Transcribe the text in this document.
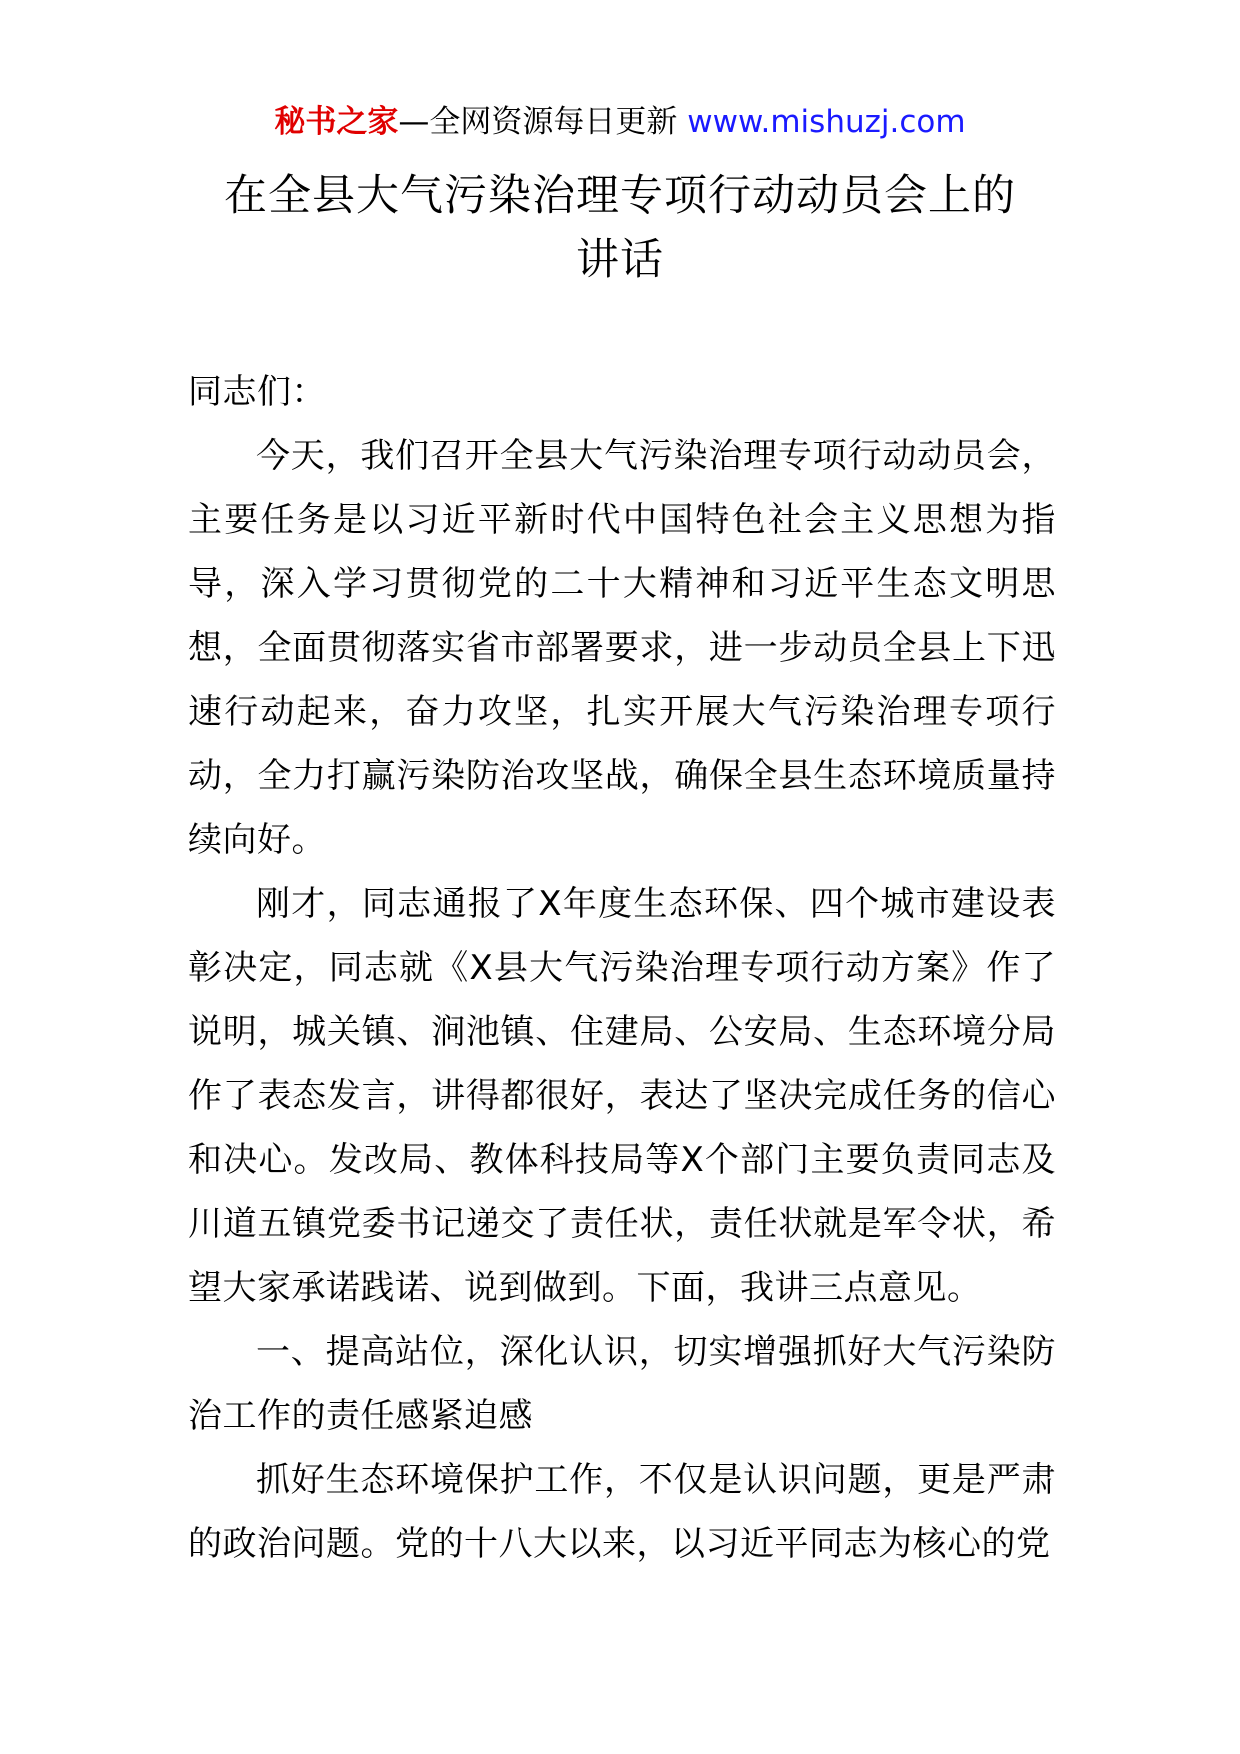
秘书之家—全网资源每日更新 www.mishuzj.com
在全县大气污染治理专项行动动员会上的
讲话

同志们：

今天，我们召开全县大气污染治理专项行动动员会，主要任务是以习近平新时代中国特色社会主义思想为指导，深入学习贯彻党的二十大精神和习近平生态文明思想，全面贯彻落实省市部署要求，进一步动员全县上下迅速行动起来，奋力攻坚，扎实开展大气污染治理专项行动，全力打赢污染防治攻坚战，确保全县生态环境质量持续向好。

刚才，同志通报了X年度生态环保、四个城市建设表彰决定，同志就《X县大气污染治理专项行动方案》作了说明，城关镇、涧池镇、住建局、公安局、生态环境分局作了表态发言，讲得都很好，表达了坚决完成任务的信心和决心。发改局、教体科技局等X个部门主要负责同志及川道五镇党委书记递交了责任状，责任状就是军令状，希望大家承诺践诺、说到做到。下面，我讲三点意见。

一、提高站位，深化认识，切实增强抓好大气污染防治工作的责任感紧迫感

抓好生态环境保护工作，不仅是认识问题，更是严肃的政治问题。党的十八大以来，以习近平同志为核心的党
